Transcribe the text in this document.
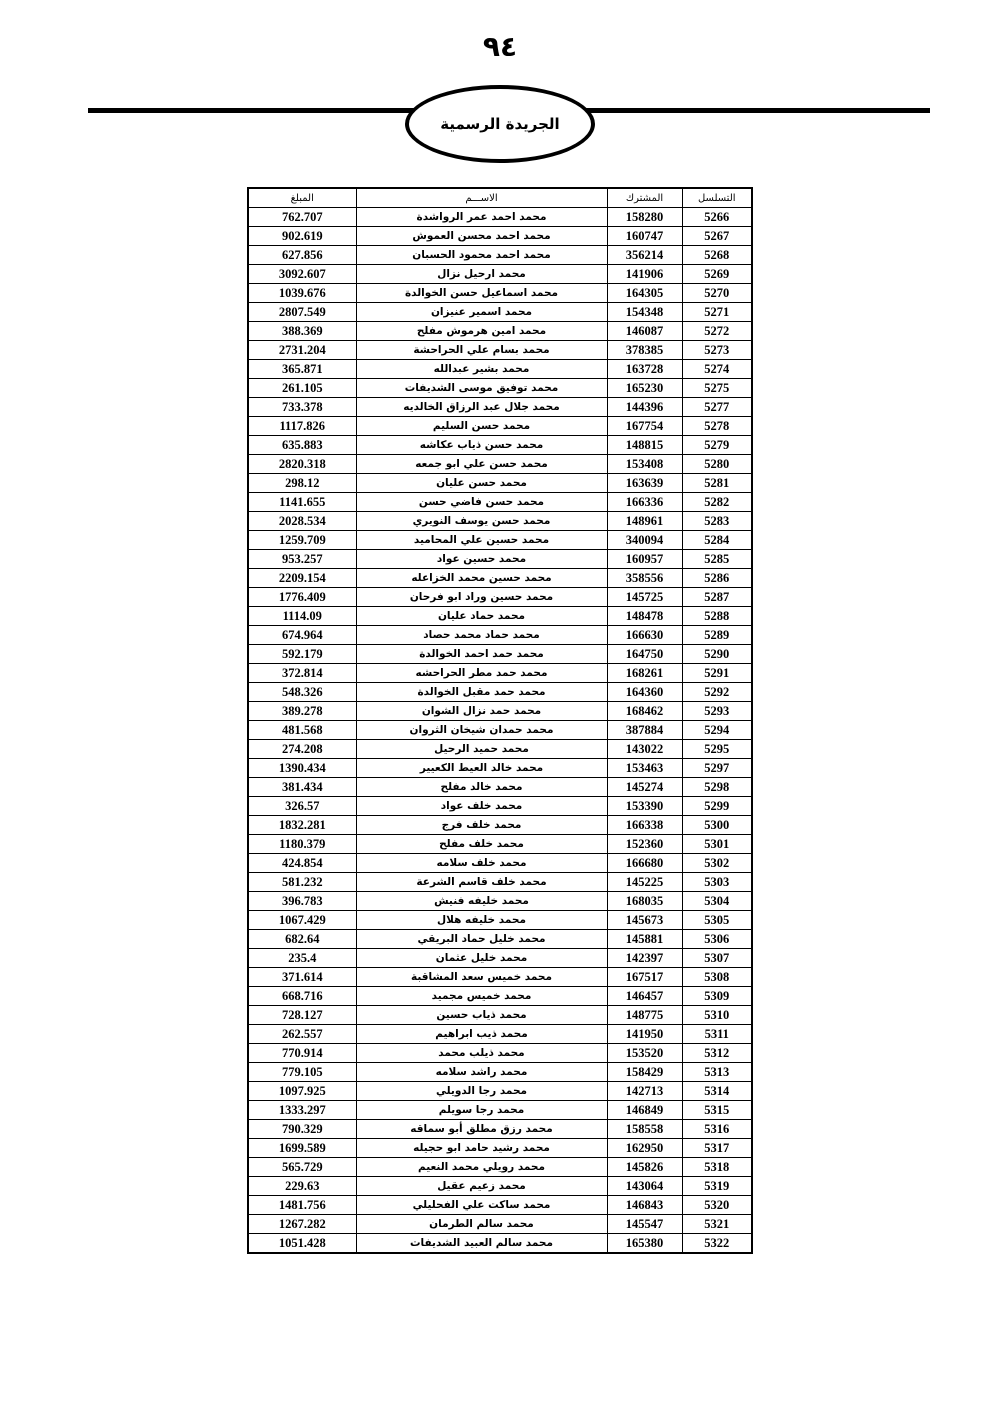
٩٤
الجريدة الرسمية
التسلسل	المشترك	الاســـم	المبلغ
5266	158280	محمد احمد عمر الرواشدة	762.707
5267	160747	محمد احمد محسن العموش	902.619
5268	356214	محمد احمد محمود الحسبان	627.856
5269	141906	محمد ارحيل نزال	3092.607
5270	164305	محمد اسماعيل حسن الخوالدة	1039.676
5271	154348	محمد اسمير عنيزان	2807.549
5272	146087	محمد امين هرموش مفلح	388.369
5273	378385	محمد بسام علي الحراحشة	2731.204
5274	163728	محمد بشير عبدالله	365.871
5275	165230	محمد توفيق موسى الشديفات	261.105
5277	144396	محمد جلال عبد الرزاق الخالديه	733.378
5278	167754	محمد حسن السليم	1117.826
5279	148815	محمد حسن ذياب عكاشه	635.883
5280	153408	محمد حسن علي ابو جمعه	2820.318
5281	163639	محمد حسن عليان	298.12
5282	166336	محمد حسن فاضي حسن	1141.655
5283	148961	محمد حسن يوسف النويري	2028.534
5284	340094	محمد حسين علي المحاميد	1259.709
5285	160957	محمد حسين عواد	953.257
5286	358556	محمد حسين محمد الخزاعله	2209.154
5287	145725	محمد حسين وراد ابو فرحان	1776.409
5288	148478	محمد حماد عليان	1114.09
5289	166630	محمد حماد محمد حصاد	674.964
5290	164750	محمد حمد احمد الخوالدة	592.179
5291	168261	محمد حمد مطر الحراحشه	372.814
5292	164360	محمد حمد مقبل الخوالدة	548.326
5293	168462	محمد حمد نزال الشوان	389.278
5294	387884	محمد حمدان شيخان الثروان	481.568
5295	143022	محمد حميد الرحيل	274.208
5297	153463	محمد خالد العيط الكعيير	1390.434
5298	145274	محمد خالد مفلح	381.434
5299	153390	محمد خلف عواد	326.57
5300	166338	محمد خلف فرج	1832.281
5301	152360	محمد خلف مفلح	1180.379
5302	166680	محمد خلف سلامه	424.854
5303	145225	محمد خلف قاسم الشرعة	581.232
5304	168035	محمد خليفه فنيش	396.783
5305	145673	محمد خليفه هلال	1067.429
5306	145881	محمد خليل حماد البريقي	682.64
5307	142397	محمد خليل عثمان	235.4
5308	167517	محمد خميس سعد المشاقبة	371.614
5309	146457	محمد خميس مجميد	668.716
5310	148775	محمد ذياب حسين	728.127
5311	141950	محمد ذيب ابراهيم	262.557
5312	153520	محمد ذيلب محمد	770.914
5313	158429	محمد راشد سلامه	779.105
5314	142713	محمد رجا الدويلي	1097.925
5315	146849	محمد رجا سويلم	1333.297
5316	158558	محمد رزق مطلق أبو سماقه	790.329
5317	162950	محمد رشيد حامد ابو حجيله	1699.589
5318	145826	محمد رويلي محمد النعيم	565.729
5319	143064	محمد زعيم عقيل	229.63
5320	146843	محمد ساكت علي الفحليلي	1481.756
5321	145547	محمد سالم الطرمان	1267.282
5322	165380	محمد سالم العبيد الشديفات	1051.428
